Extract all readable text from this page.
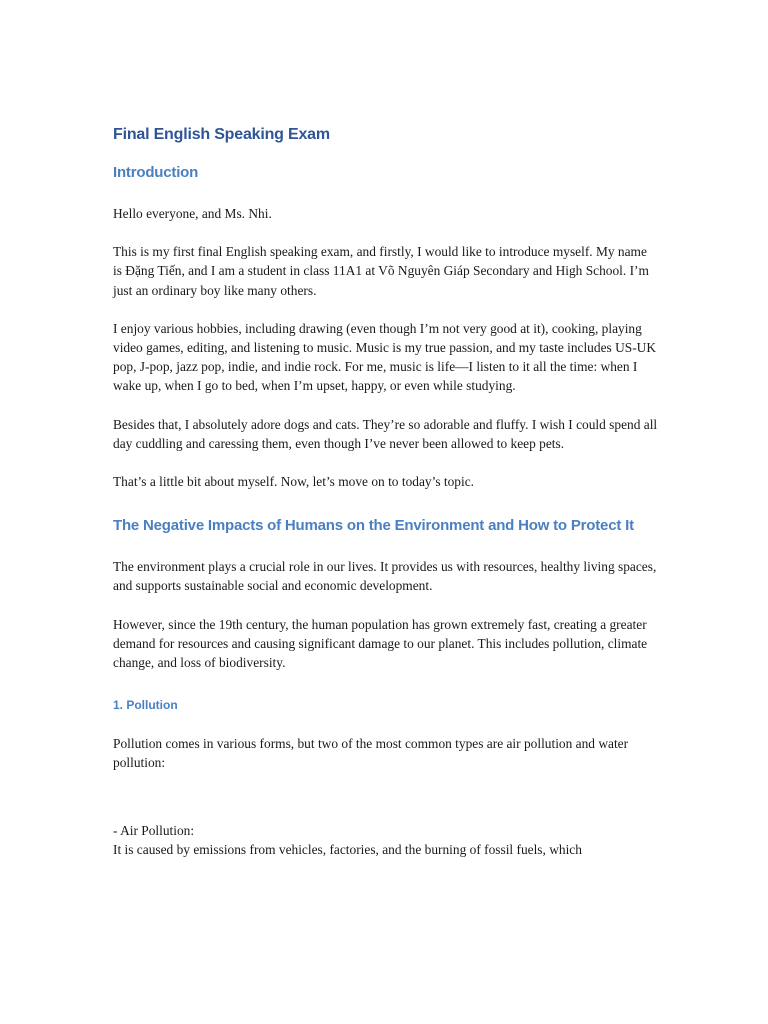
Final English Speaking Exam
Introduction

Hello everyone, and Ms. Nhi.

This is my first final English speaking exam, and firstly, I would like to introduce myself. My name is Đặng Tiến, and I am a student in class 11A1 at Võ Nguyên Giáp Secondary and High School. I’m just an ordinary boy like many others.

I enjoy various hobbies, including drawing (even though I’m not very good at it), cooking, playing video games, editing, and listening to music. Music is my true passion, and my taste includes US-UK pop, J-pop, jazz pop, indie, and indie rock. For me, music is life—I listen to it all the time: when I wake up, when I go to bed, when I’m upset, happy, or even while studying.

Besides that, I absolutely adore dogs and cats. They’re so adorable and fluffy. I wish I could spend all day cuddling and caressing them, even though I’ve never been allowed to keep pets.

That’s a little bit about myself. Now, let’s move on to today’s topic.

The Negative Impacts of Humans on the Environment and How to Protect It

The environment plays a crucial role in our lives. It provides us with resources, healthy living spaces, and supports sustainable social and economic development.

However, since the 19th century, the human population has grown extremely fast, creating a greater demand for resources and causing significant damage to our planet. This includes pollution, climate change, and loss of biodiversity.

1. Pollution

Pollution comes in various forms, but two of the most common types are air pollution and water pollution:

- Air Pollution:

It is caused by emissions from vehicles, factories, and the burning of fossil fuels, which
